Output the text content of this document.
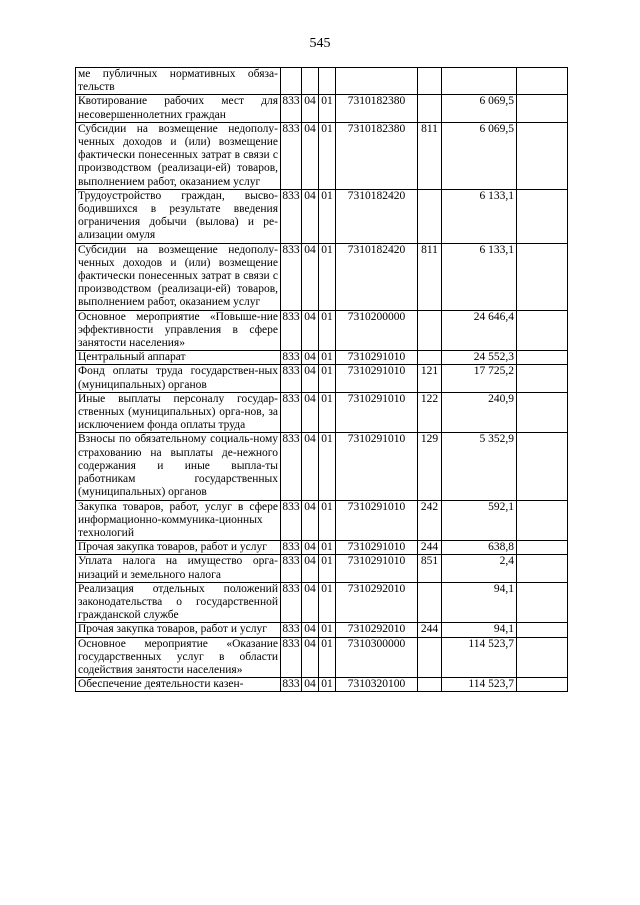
545
ме публичных нормативных обяза-тельств							
Квотирование рабочих мест для несовершеннолетних граждан	833	04	01	7310182380		6 069,5	
Субсидии на возмещение недополу-ченных доходов и (или) возмещение фактически понесенных затрат в связи с производством (реализаци-ей) товаров, выполнением работ, оказанием услуг	833	04	01	7310182380	811	6 069,5	
Трудоустройство граждан, высво-бодившихся в результате введения ограничения добычи (вылова) и ре-ализации омуля	833	04	01	7310182420		6 133,1	
Субсидии на возмещение недополу-ченных доходов и (или) возмещение фактически понесенных затрат в связи с производством (реализаци-ей) товаров, выполнением работ, оказанием услуг	833	04	01	7310182420	811	6 133,1	
Основное мероприятие «Повыше-ние эффективности управления в сфере занятости населения»	833	04	01	7310200000		24 646,4	
Центральный аппарат	833	04	01	7310291010		24 552,3	
Фонд оплаты труда государствен-ных (муниципальных) органов	833	04	01	7310291010	121	17 725,2	
Иные выплаты персоналу государ-ственных (муниципальных) орга-нов, за исключением фонда оплаты труда	833	04	01	7310291010	122	240,9	
Взносы по обязательному социаль-ному страхованию на выплаты де-нежного содержания и иные выпла-ты работникам государственных (муниципальных) органов	833	04	01	7310291010	129	5 352,9	
Закупка товаров, работ, услуг в сфере информационно-коммуника-ционных технологий	833	04	01	7310291010	242	592,1	
Прочая закупка товаров, работ и услуг	833	04	01	7310291010	244	638,8	
Уплата налога на имущество орга-низаций и земельного налога	833	04	01	7310291010	851	2,4	
Реализация отдельных положений законодательства о государственной гражданской службе	833	04	01	7310292010		94,1	
Прочая закупка товаров, работ и услуг	833	04	01	7310292010	244	94,1	
Основное мероприятие «Оказание государственных услуг в области содействия занятости населения»	833	04	01	7310300000		114 523,7	
Обеспечение деятельности казен-	833	04	01	7310320100		114 523,7	
